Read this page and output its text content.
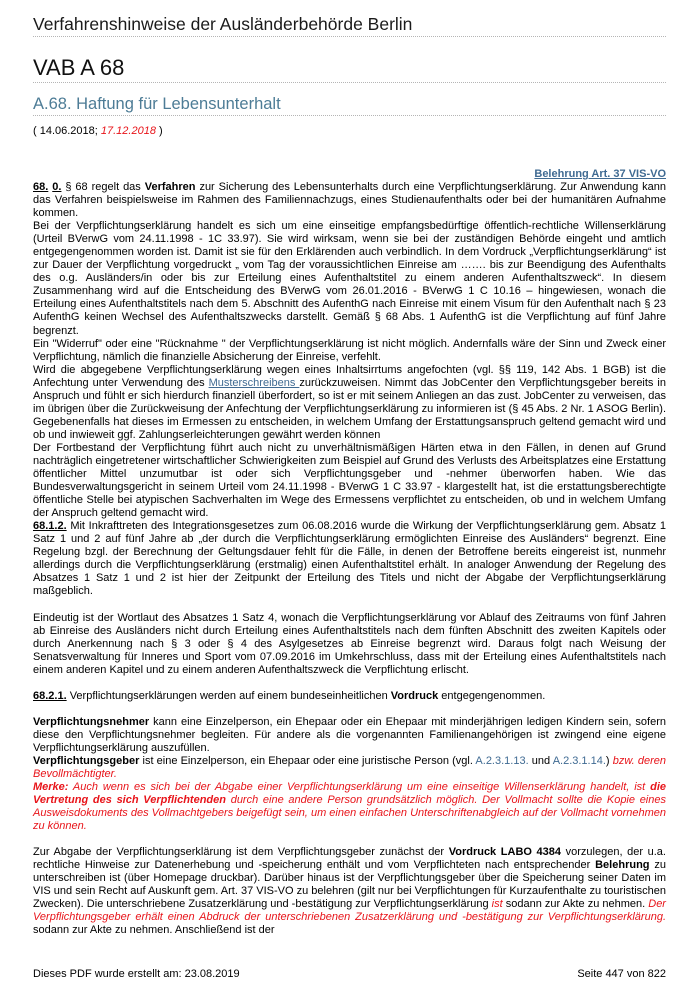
Verfahrenshinweise der Ausländerbehörde Berlin
VAB A 68
A.68. Haftung für Lebensunterhalt
( 14.06.2018; 17.12.2018 )
Belehrung Art. 37 VIS-VO

68. 0. § 68 regelt das Verfahren zur Sicherung des Lebensunterhalts durch eine Verpflichtungserklärung. Zur Anwendung kann das Verfahren beispielsweise im Rahmen des Familiennachzugs, eines Studienaufenthalts oder bei der humanitären Aufnahme kommen.

Bei der Verpflichtungserklärung handelt es sich um eine einseitige empfangsbedürftige öffentlich-rechtliche Willenserklärung (Urteil BVerwG vom 24.11.1998 - 1C 33.97). Sie wird wirksam, wenn sie bei der zuständigen Behörde eingeht und amtlich entgegengenommen worden ist. Damit ist sie für den Erklärenden auch verbindlich. In dem Vordruck „Verpflichtungserklärung“ ist zur Dauer der Verpflichtung vorgedruckt „ vom Tag der voraussichtlichen Einreise am ……. bis zur Beendigung des Aufenthalts des o.g. Ausländers/in oder bis zur Erteilung eines Aufenthaltstitel zu einem anderen Aufenthaltszweck“. In diesem Zusammenhang wird auf die Entscheidung des BVerwG vom 26.01.2016 - BVerwG 1 C 10.16 – hingewiesen, wonach die Erteilung eines Aufenthaltstitels nach dem 5. Abschnitt des AufenthG nach Einreise mit einem Visum für den Aufenthalt nach § 23 AufenthG keinen Wechsel des Aufenthaltszwecks darstellt. Gemäß § 68 Abs. 1 AufenthG ist die Verpflichtung auf fünf Jahre begrenzt.

Ein "Widerruf" oder eine "Rücknahme " der Verpflichtungserklärung ist nicht möglich. Andernfalls wäre der Sinn und Zweck einer Verpflichtung, nämlich die finanzielle Absicherung der Einreise, verfehlt.

Wird die abgegebene Verpflichtungserklärung wegen eines Inhaltsirrtums angefochten (vgl. §§ 119, 142 Abs. 1 BGB) ist die Anfechtung unter Verwendung des Musterschreibens zurückzuweisen. Nimmt das JobCenter den Verpflichtungsgeber bereits in Anspruch und fühlt er sich hierdurch finanziell überfordert, so ist er mit seinem Anliegen an das zust. JobCenter zu verweisen, das im übrigen über die Zurückweisung der Anfechtung der Verpflichtungserklärung zu informieren ist (§ 45 Abs. 2 Nr. 1 ASOG Berlin). Gegebenenfalls hat dieses im Ermessen zu entscheiden, in welchem Umfang der Erstattungsanspruch geltend gemacht wird und ob und inwieweit ggf. Zahlungserleichterungen gewährt werden können

Der Fortbestand der Verpflichtung führt auch nicht zu unverhältnismäßigen Härten etwa in den Fällen, in denen auf Grund nachträglich eingetretener wirtschaftlicher Schwierigkeiten zum Beispiel auf Grund des Verlusts des Arbeitsplatzes eine Erstattung öffentlicher Mittel unzumutbar ist oder sich Verpflichtungsgeber und -nehmer überworfen haben. Wie das Bundesverwaltungsgericht in seinem Urteil vom 24.11.1998 - BVerwG 1 C 33.97 - klargestellt hat, ist die erstattungsberechtigte öffentliche Stelle bei atypischen Sachverhalten im Wege des Ermessens verpflichtet zu entscheiden, ob und in welchem Umfang der Anspruch geltend gemacht wird.

68.1.2. Mit Inkrafttreten des Integrationsgesetzes zum 06.08.2016 wurde die Wirkung der Verpflichtungserklärung gem. Absatz 1 Satz 1 und 2 auf fünf Jahre ab „der durch die Verpflichtungserklärung ermöglichten Einreise des Ausländers“ begrenzt. Eine Regelung bzgl. der Berechnung der Geltungsdauer fehlt für die Fälle, in denen der Betroffene bereits eingereist ist, nunmehr allerdings durch die Verpflichtungserklärung (erstmalig) einen Aufenthaltstitel erhält. In analoger Anwendung der Regelung des Absatzes 1 Satz 1 und 2 ist hier der Zeitpunkt der Erteilung des Titels und nicht der Abgabe der Verpflichtungserklärung maßgeblich.

Eindeutig ist der Wortlaut des Absatzes 1 Satz 4, wonach die Verpflichtungserklärung vor Ablauf des Zeitraums von fünf Jahren ab Einreise des Ausländers nicht durch Erteilung eines Aufenthaltstitels nach dem fünften Abschnitt des zweiten Kapitels oder durch Anerkennung nach § 3 oder § 4 des Asylgesetzes ab Einreise begrenzt wird. Daraus folgt nach Weisung der Senatsverwaltung für Inneres und Sport vom 07.09.2016 im Umkehrschluss, dass mit der Erteilung eines Aufenthaltstitels nach einem anderen Kapitel und zu einem anderen Aufenthaltszweck die Verpflichtung erlischt.

68.2.1. Verpflichtungserklärungen werden auf einem bundeseinheitlichen Vordruck entgegengenommen.

Verpflichtungsnehmer kann eine Einzelperson, ein Ehepaar oder ein Ehepaar mit minderjährigen ledigen Kindern sein, sofern diese den Verpflichtungsnehmer begleiten. Für andere als die vorgenannten Familienangehörigen ist zwingend eine eigene Verpflichtungserklärung auszufüllen.

Verpflichtungsgeber ist eine Einzelperson, ein Ehepaar oder eine juristische Person (vgl. A.2.3.1.13. und A.2.3.1.14.) bzw. deren Bevollmächtigter.

Merke: Auch wenn es sich bei der Abgabe einer Verpflichtungserklärung um eine einseitige Willenserklärung handelt, ist die Vertretung des sich Verpflichtenden durch eine andere Person grundsätzlich möglich. Der Vollmacht sollte die Kopie eines Ausweisdokuments des Vollmachtgebers beigefügt sein, um einen einfachen Unterschriftenabgleich auf der Vollmacht vornehmen zu können.

Zur Abgabe der Verpflichtungserklärung ist dem Verpflichtungsgeber zunächst der Vordruck LABO 4384 vorzulegen, der u.a. rechtliche Hinweise zur Datenerhebung und -speicherung enthält und vom Verpflichteten nach entsprechender Belehrung zu unterschreiben ist (über Homepage druckbar). Darüber hinaus ist der Verpflichtungsgeber über die Speicherung seiner Daten im VIS und sein Recht auf Auskunft gem. Art. 37 VIS-VO zu belehren (gilt nur bei Verpflichtungen für Kurzaufenthalte zu touristischen Zwecken). Die unterschriebene Zusatzerklärung und -bestätigung zur Verpflichtungserklärung ist sodann zur Akte zu nehmen. Der Verpflichtungsgeber erhält einen Abdruck der unterschriebenen Zusatzerklärung und -bestätigung zur Verpflichtungserklärung. sodann zur Akte zu nehmen. Anschließend ist der

Dieses PDF wurde erstellt am: 23.08.2019	Seite 447 von 822
